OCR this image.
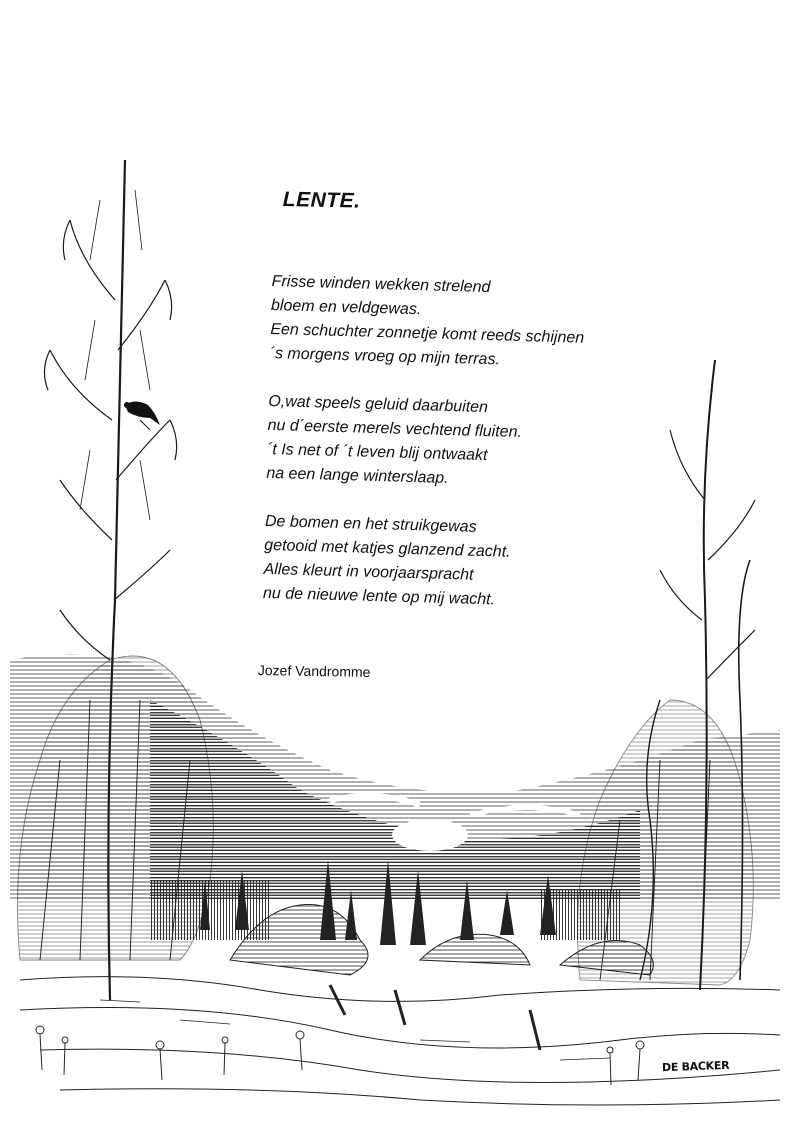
LENTE.

Frisse winden wekken strelend
bloem en veldgewas.
Een schuchter zonnetje komt reeds schijnen
´s morgens vroeg op mijn terras.

O,wat speels geluid daarbuiten
nu d´eerste merels vechtend fluiten.
´t Is net of ´t leven blij ontwaakt
na een lange winterslaap.

De bomen en het struikgewas
getooid met katjes glanzend zacht.
Alles kleurt in voorjaarspracht
nu de nieuwe lente op mij wacht.

Jozef Vandromme
DE BACKER
